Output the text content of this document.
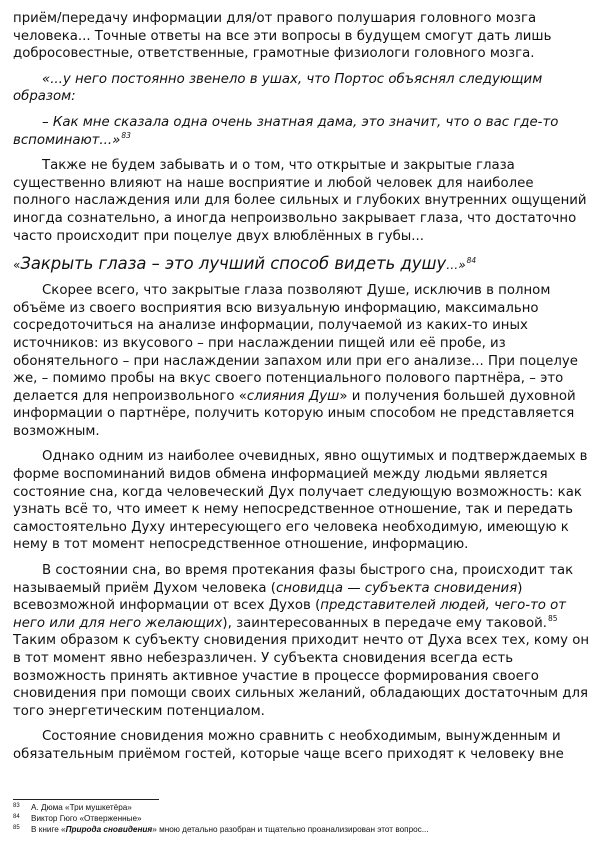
приём/передачу информации для/от правого полушария головного мозга человека... Точные ответы на все эти вопросы в будущем смогут дать лишь добросовестные, ответственные, грамотные физиологи головного мозга.

«...у него постоянно звенело в ушах, что Портос объяснял следующим образом:

– Как мне сказала одна очень знатная дама, это значит, что о вас где-то вспоминают...»$^{83}$

Также не будем забывать и о том, что открытые и закрытые глаза существенно влияют на наше восприятие и любой человек для наиболее полного наслаждения или для более сильных и глубоких внутренних ощущений иногда сознательно, а иногда непроизвольно закрывает глаза, что достаточно часто происходит при поцелуе двух влюблённых в губы...

«Закрыть глаза – это лучший способ видеть душу…»$^{84}$

Скорее всего, что закрытые глаза позволяют Душе, исключив в полном объёме из своего восприятия всю визуальную информацию, максимально сосредоточиться на анализе информации, получаемой из каких-то иных источников: из вкусового – при наслаждении пищей или её пробе, из обонятельного – при наслаждении запахом или при его анализе... При поцелуе же, – помимо пробы на вкус своего потенциального полового партнёра, – это делается для непроизвольного «слияния Душ» и получения большей духовной информации о партнёре, получить которую иным способом не представляется возможным.

Однако одним из наиболее очевидных, явно ощутимых и подтверждаемых в форме воспоминаний видов обмена информацией между людьми является состояние сна, когда человеческий Дух получает следующую возможность: как узнать всё то, что имеет к нему непосредственное отношение, так и передать самостоятельно Духу интересующего его человека необходимую, имеющую к нему в тот момент непосредственное отношение, информацию.

В состоянии сна, во время протекания фазы быстрого сна, происходит так называемый приём Духом человека (сновидца — субъекта сновидения) всевозможной информации от всех Духов (представителей людей, чего-то от него или для него желающих), заинтересованных в передаче ему таковой.$^{85}$ Таким образом к субъекту сновидения приходит нечто от Духа всех тех, кому он в тот момент явно небезразличен. У субъекта сновидения всегда есть возможность принять активное участие в процессе формирования своего сновидения при помощи своих сильных желаний, обладающих достаточным для того энергетическим потенциалом.

Состояние сновидения можно сравнить с необходимым, вынужденным и обязательным приёмом гостей, которые чаще всего приходят к человеку вне

83	А. Дюма «Три мушкетёра»
84	Виктор Гюго «Отверженные»
85	В книге «Природа сновидения» мною детально разобран и тщательно проанализирован этот вопрос...
